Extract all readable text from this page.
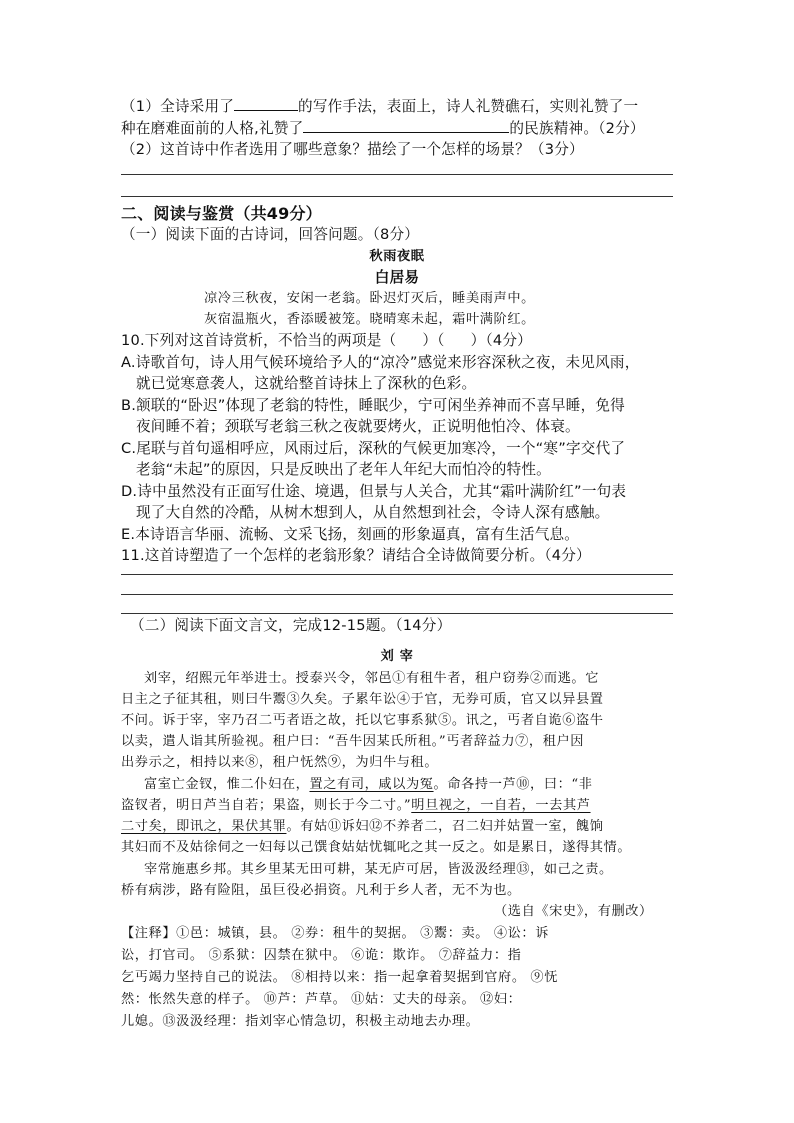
（1）全诗采用了	的写作手法，表面上，诗人礼赞礁石，实则礼赞了一
种在磨难面前的人格,礼赞了	的民族精神。（2分）
（2）这首诗中作者选用了哪些意象？描绘了一个怎样的场景？（3分）
二、阅读与鉴赏（共49分）
（一）阅读下面的古诗词，回答问题。（8分）
秋雨夜眠
白居易
凉冷三秋夜，安闲一老翁。卧迟灯灭后，睡美雨声中。
灰宿温瓶火，香添暖被笼。晓晴寒未起，霜叶满阶红。
10.下列对这首诗赏析，不恰当的两项是（ ）（ ）（4分）
A.诗歌首句，诗人用气候环境给予人的“凉冷”感觉来形容深秋之夜，未见风雨，
就已觉寒意袭人，这就给整首诗抹上了深秋的色彩。
B.颔联的“卧迟”体现了老翁的特性，睡眠少，宁可闲坐养神而不喜早睡，免得
夜间睡不着；颈联写老翁三秋之夜就要烤火，正说明他怕冷、体衰。
C.尾联与首句遥相呼应，风雨过后，深秋的气候更加寒冷，一个“寒”字交代了
老翁“未起”的原因，只是反映出了老年人年纪大而怕冷的特性。
D.诗中虽然没有正面写仕途、境遇，但景与人关合，尤其“霜叶满阶红”一句表
现了大自然的冷酷，从树木想到人，从自然想到社会，令诗人深有感触。
E.本诗语言华丽、流畅、文采飞扬，刻画的形象逼真，富有生活气息。
11.这首诗塑造了一个怎样的老翁形象？请结合全诗做简要分析。（4分）
（二）阅读下面文言文，完成12-15题。（14分）
刘 宰
刘宰，绍熙元年举进士。授泰兴令，邻邑①有租牛者，租户窃券②而逃。它
日主之子征其租，则曰牛鬻③久矣。子累年讼④于官，无券可质，官又以异县置
不问。诉于宰，宰乃召二丐者语之故，托以它事系狱⑤。讯之，丐者自诡⑥盗牛
以卖，遣人诣其所验视。租户曰：“吾牛因某氏所租。”丐者辞益力⑦，租户因
出券示之，相持以来⑧，租户怃然⑨，为归牛与租。
富室亡金钗，惟二仆妇在，置之有司，咸以为冤。命各持一芦⑩，曰：“非
盗钗者，明日芦当自若；果盗，则长于今二寸。”明旦视之，一自若，一去其芦
二寸矣，即讯之，果伏其罪。有姑⑪诉妇⑫不养者二，召二妇并姑置一室，餽饷
其妇而不及姑徐伺之一妇每以己馔食姑姑忧辄叱之其一反之。如是累日，遂得其情。
宰常施惠乡邦。其乡里某无田可耕，某无庐可居，皆汲汲经理⑬，如己之责。
桥有病涉，路有险阻，虽巨役必捐资。凡利于乡人者，无不为也。
（选自《宋史》，有删改）
【注释】①邑：城镇，县。 ②券：租牛的契据。 ③鬻：卖。 ④讼：诉
讼，打官司。 ⑤系狱：囚禁在狱中。 ⑥诡：欺诈。 ⑦辞益力：指
乞丐竭力坚持自己的说法。 ⑧相持以来：指一起拿着契据到官府。 ⑨怃
然：怅然失意的样子。 ⑩芦：芦草。 ⑪姑：丈夫的母亲。 ⑫妇：
儿媳。⑬汲汲经理：指刘宰心情急切，积极主动地去办理。
